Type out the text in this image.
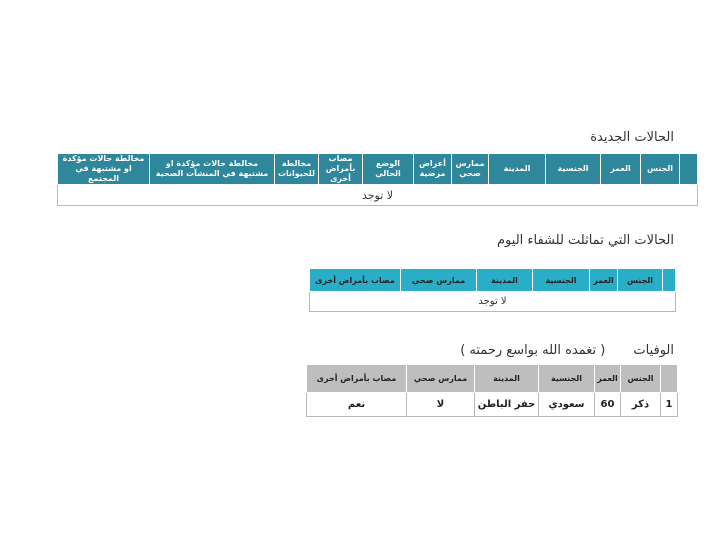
الحالات الجديدة
	الجنس	العمر	الجنسية	المدينة	ممارس صحي	أعراض مرضية	الوضع الحالي	مصاب بأمراض أخرى	مخالطة للحيوانات	مخالطة حالات مؤكدة او مشتبهة في المنشآت الصحية	مخالطة حالات مؤكدة او مشتبهة في المجتمع
لا توجد
الحالات التي تماثلت للشفاء اليوم
	الجنس	العمر	الجنسية	المدينة	ممارس صحي	مصاب بأمراض أخرى
لا توجد
الوفيات( تغمده الله بواسع رحمته )
	الجنس	العمر	الجنسية	المدينة	ممارس صحي	مصاب بأمراض أخرى
1	ذكر	60	سعودي	حفر الباطن	لا	نعم
